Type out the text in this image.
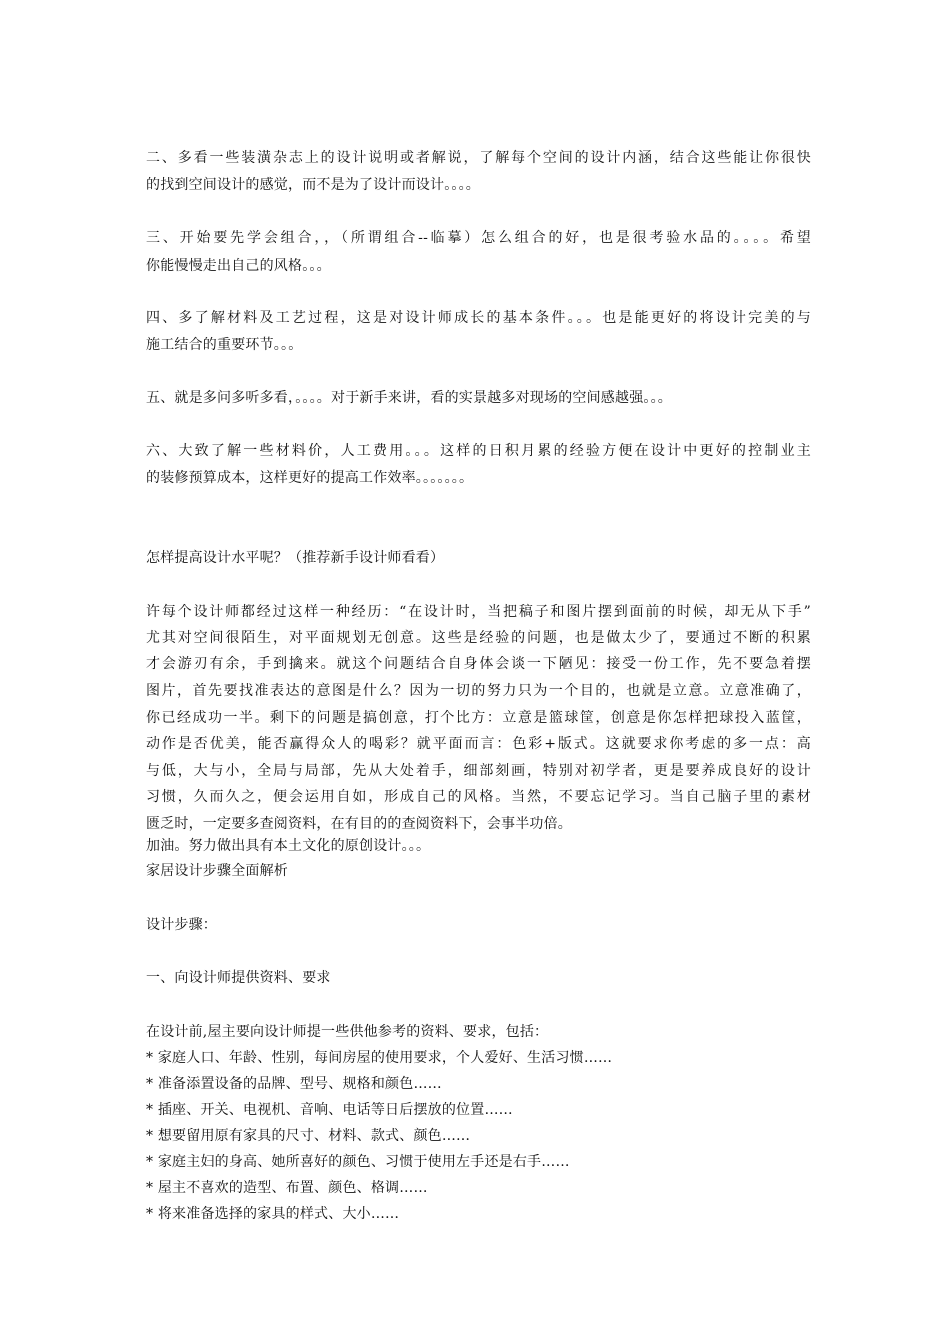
二、多看一些装潢杂志上的设计说明或者解说，了解每个空间的设计内涵，结合这些能让你很快
的找到空间设计的感觉，而不是为了设计而设计。。。。
三、开始要先学会组合，，（所谓组合--临摹）怎么组合的好，也是很考验水品的。。。。希望
你能慢慢走出自己的风格。。。
四、多了解材料及工艺过程，这是对设计师成长的基本条件。。。也是能更好的将设计完美的与
施工结合的重要环节。。。
五、就是多问多听多看，。。。。对于新手来讲，看的实景越多对现场的空间感越强。。。
六、大致了解一些材料价，人工费用。。。这样的日积月累的经验方便在设计中更好的控制业主
的装修预算成本，这样更好的提高工作效率。。。。。。。
怎样提高设计水平呢？（推荐新手设计师看看）
许每个设计师都经过这样一种经历：“在设计时，当把稿子和图片摆到面前的时候，却无从下手”
尤其对空间很陌生，对平面规划无创意。这些是经验的问题，也是做太少了，要通过不断的积累
才会游刃有余，手到擒来。就这个问题结合自身体会谈一下陋见：接受一份工作，先不要急着摆
图片，首先要找准表达的意图是什么？因为一切的努力只为一个目的，也就是立意。立意准确了，
你已经成功一半。剩下的问题是搞创意，打个比方：立意是篮球筐，创意是你怎样把球投入蓝筐，
动作是否优美，能否赢得众人的喝彩？就平面而言：色彩+版式。这就要求你考虑的多一点：高
与低，大与小，全局与局部，先从大处着手，细部刻画，特别对初学者，更是要养成良好的设计
习惯，久而久之，便会运用自如，形成自己的风格。当然，不要忘记学习。当自己脑子里的素材
匮乏时，一定要多查阅资料，在有目的的查阅资料下，会事半功倍。
加油。努力做出具有本土文化的原创设计。。。
家居设计步骤全面解析
设计步骤：
一、向设计师提供资料、要求
在设计前,屋主要向设计师提一些供他参考的资料、要求，包括：
* 家庭人口、年龄、性别，每间房屋的使用要求，个人爱好、生活习惯……
* 准备添置设备的品牌、型号、规格和颜色……
* 插座、开关、电视机、音响、电话等日后摆放的位置……
* 想要留用原有家具的尺寸、材料、款式、颜色……
* 家庭主妇的身高、她所喜好的颜色、习惯于使用左手还是右手……
* 屋主不喜欢的造型、布置、颜色、格调……
* 将来准备选择的家具的样式、大小……
